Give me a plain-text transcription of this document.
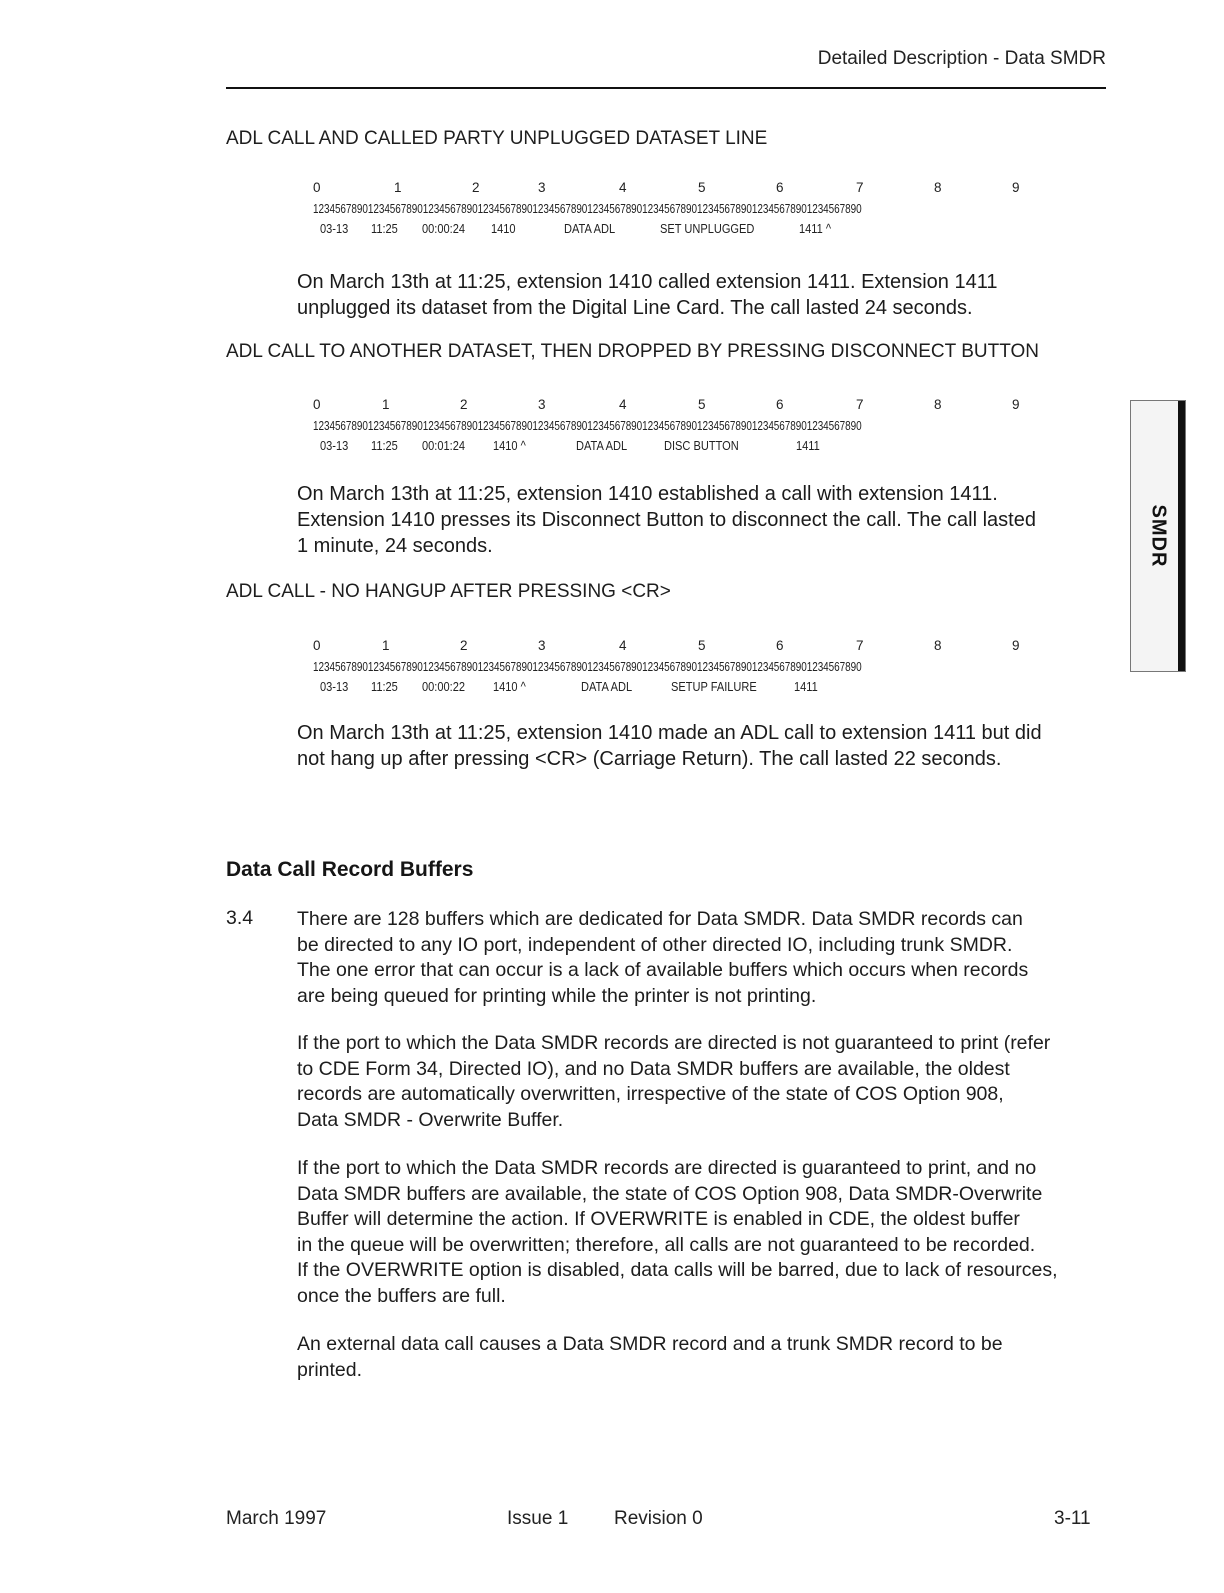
Detailed Description - Data SMDR
ADL CALL AND CALLED PARTY UNPLUGGED DATASET LINE
0	1	2	3	4	5	6	7	8	9
1234567890123456789012345678901234567890123456789012345678901234567890123456789012345678901234567890
03-13 11:25 00:00:24 1410	DATA ADL	SET UNPLUGGED	1411 ^
On March 13th at 11:25, extension 1410 called extension 1411. Extension 1411
unplugged its dataset from the Digital Line Card. The call lasted 24 seconds.
ADL CALL TO ANOTHER DATASET, THEN DROPPED BY PRESSING DISCONNECT BUTTON
0	1	2	3	4	5	6	7	8	9
1234567890123456789012345678901234567890123456789012345678901234567890123456789012345678901234567890
03-13 11:25 00:01:24 1410 ^	DATA ADL	DISC BUTTON	1411
On March 13th at 11:25, extension 1410 established a call with extension 1411.
Extension 1410 presses its Disconnect Button to disconnect the call. The call lasted
1 minute, 24 seconds.
ADL CALL - NO HANGUP AFTER PRESSING <CR>
0	1	2	3	4	5	6	7	8	9
1234567890123456789012345678901234567890123456789012345678901234567890123456789012345678901234567890
03-13 11:25 00:00:22 1410 ^	DATA ADL	SETUP FAILURE	1411
On March 13th at 11:25, extension 1410 made an ADL call to extension 1411 but did
not hang up after pressing <CR> (Carriage Return). The call lasted 22 seconds.
Data Call Record Buffers
3.4 There are 128 buffers which are dedicated for Data SMDR. Data SMDR records can
be directed to any IO port, independent of other directed IO, including trunk SMDR.
The one error that can occur is a lack of available buffers which occurs when records
are being queued for printing while the printer is not printing.
If the port to which the Data SMDR records are directed is not guaranteed to print (refer
to CDE Form 34, Directed IO), and no Data SMDR buffers are available, the oldest
records are automatically overwritten, irrespective of the state of COS Option 908,
Data SMDR - Overwrite Buffer.
If the port to which the Data SMDR records are directed is guaranteed to print, and no
Data SMDR buffers are available, the state of COS Option 908, Data SMDR-Overwrite
Buffer will determine the action. If OVERWRITE is enabled in CDE, the oldest buffer
in the queue will be overwritten; therefore, all calls are not guaranteed to be recorded.
If the OVERWRITE option is disabled, data calls will be barred, due to lack of resources,
once the buffers are full.
An external data call causes a Data SMDR record and a trunk SMDR record to be
printed.
SMDR
March 1997	Issue 1 Revision 0	3-11
